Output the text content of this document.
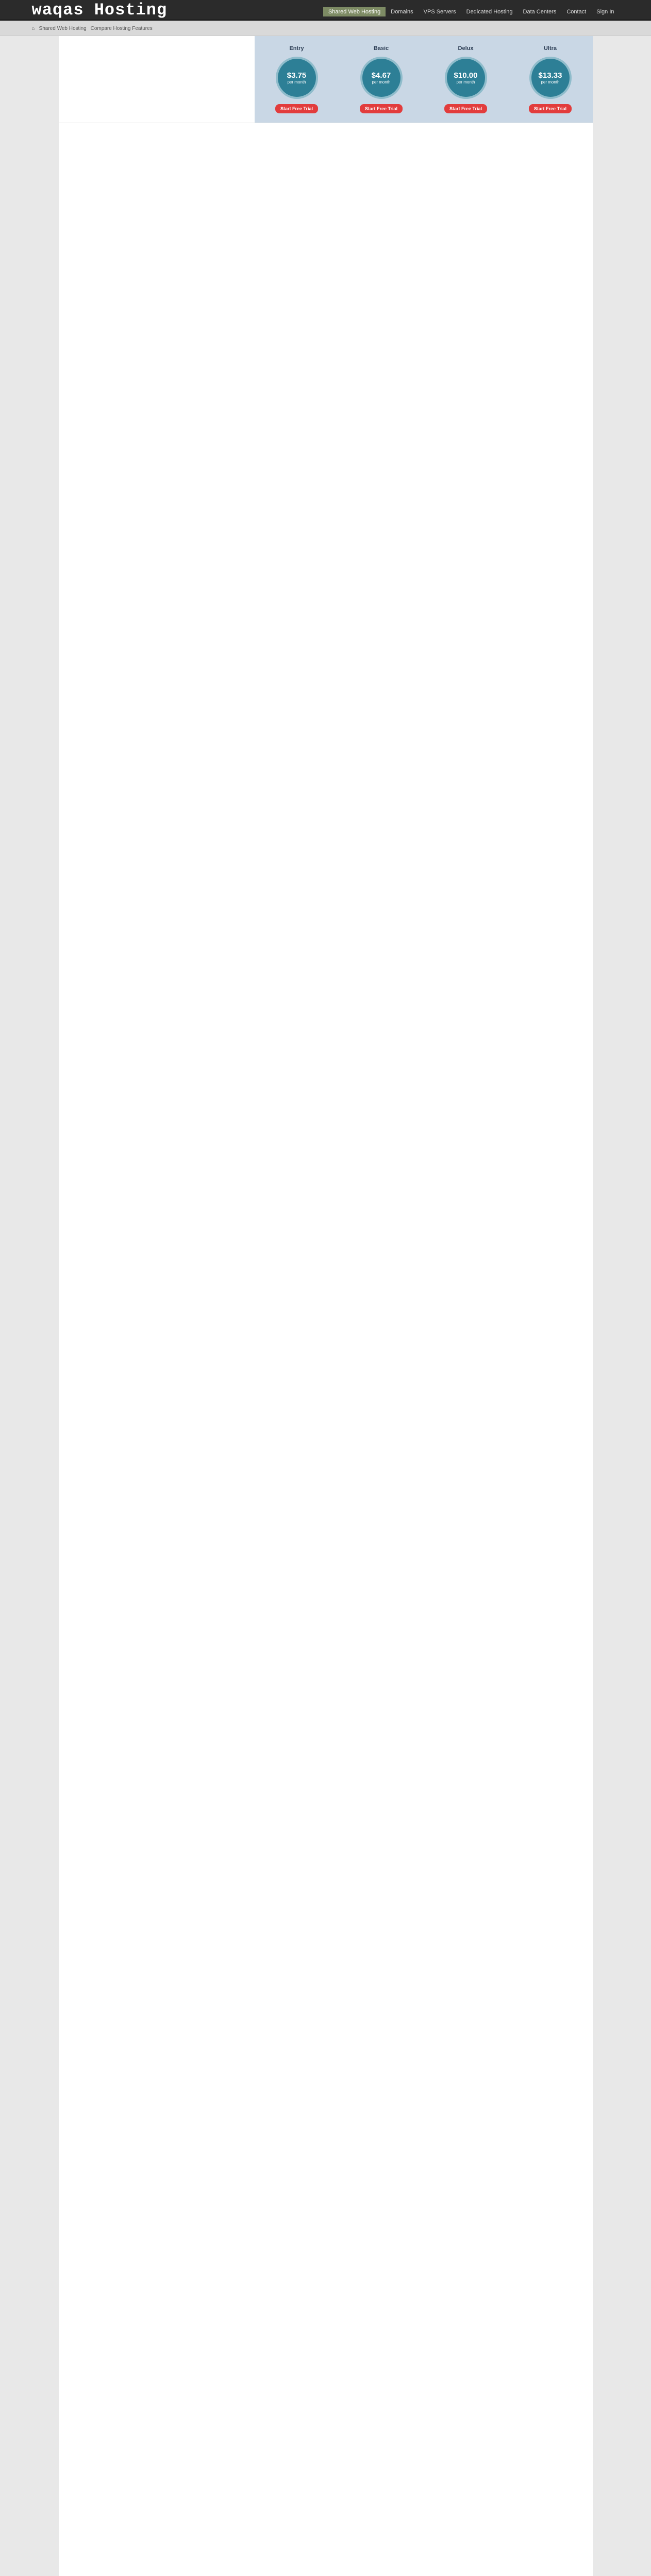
waqas Hosting	Shared Web Hosting	Domains	VPS Servers	Dedicated Hosting	Data Centers	Contact	Sign In
⌂ Shared Web Hosting Compare Hosting Features

Entry
$3.75
per month
Start Free Trial

Basic
$4.67
per month
Start Free Trial

Delux
$10.00
per month
Start Free Trial

Ultra
$13.33
per month
Start Free Trial
